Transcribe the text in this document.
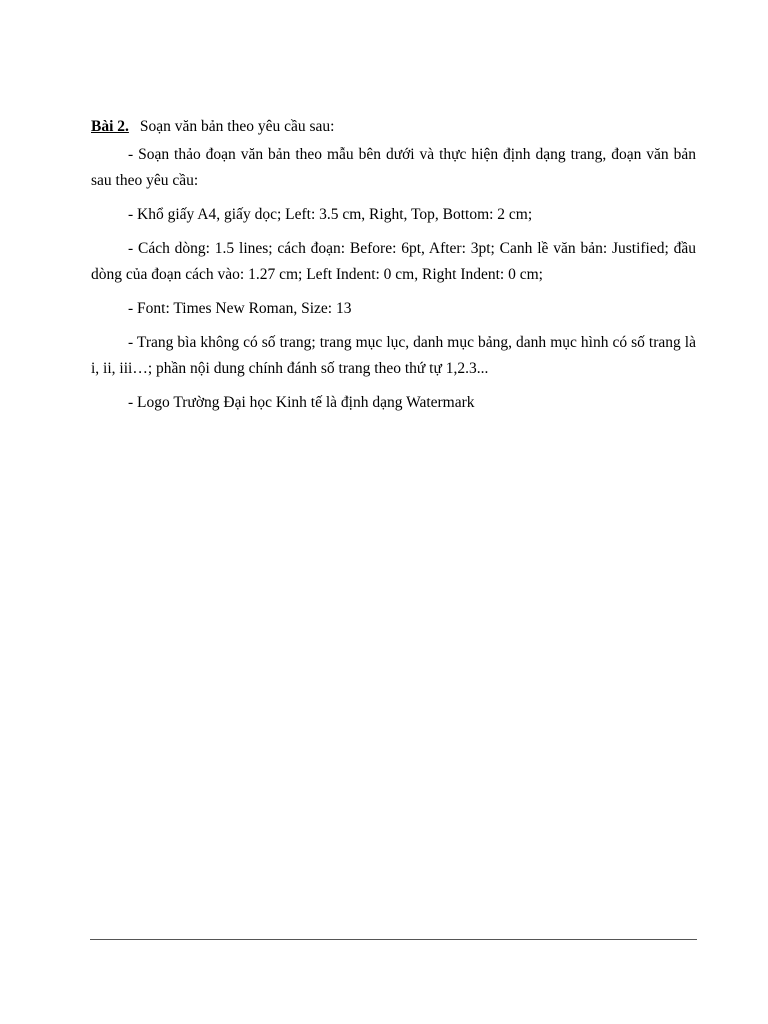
Bài 2. Soạn văn bản theo yêu cầu sau:

- Soạn thảo đoạn văn bản theo mẫu bên dưới và thực hiện định dạng trang, đoạn văn bản sau theo yêu cầu:

- Khổ giấy A4, giấy dọc; Left: 3.5 cm, Right, Top, Bottom: 2 cm;

- Cách dòng: 1.5 lines; cách đoạn: Before: 6pt, After: 3pt; Canh lề văn bản: Justified; đầu dòng của đoạn cách vào: 1.27 cm; Left Indent: 0 cm, Right Indent: 0 cm;

- Font: Times New Roman, Size: 13

- Trang bìa không có số trang; trang mục lục, danh mục bảng, danh mục hình có số trang là i, ii, iii…; phần nội dung chính đánh số trang theo thứ tự 1,2.3...

- Logo Trường Đại học Kinh tế là định dạng Watermark
